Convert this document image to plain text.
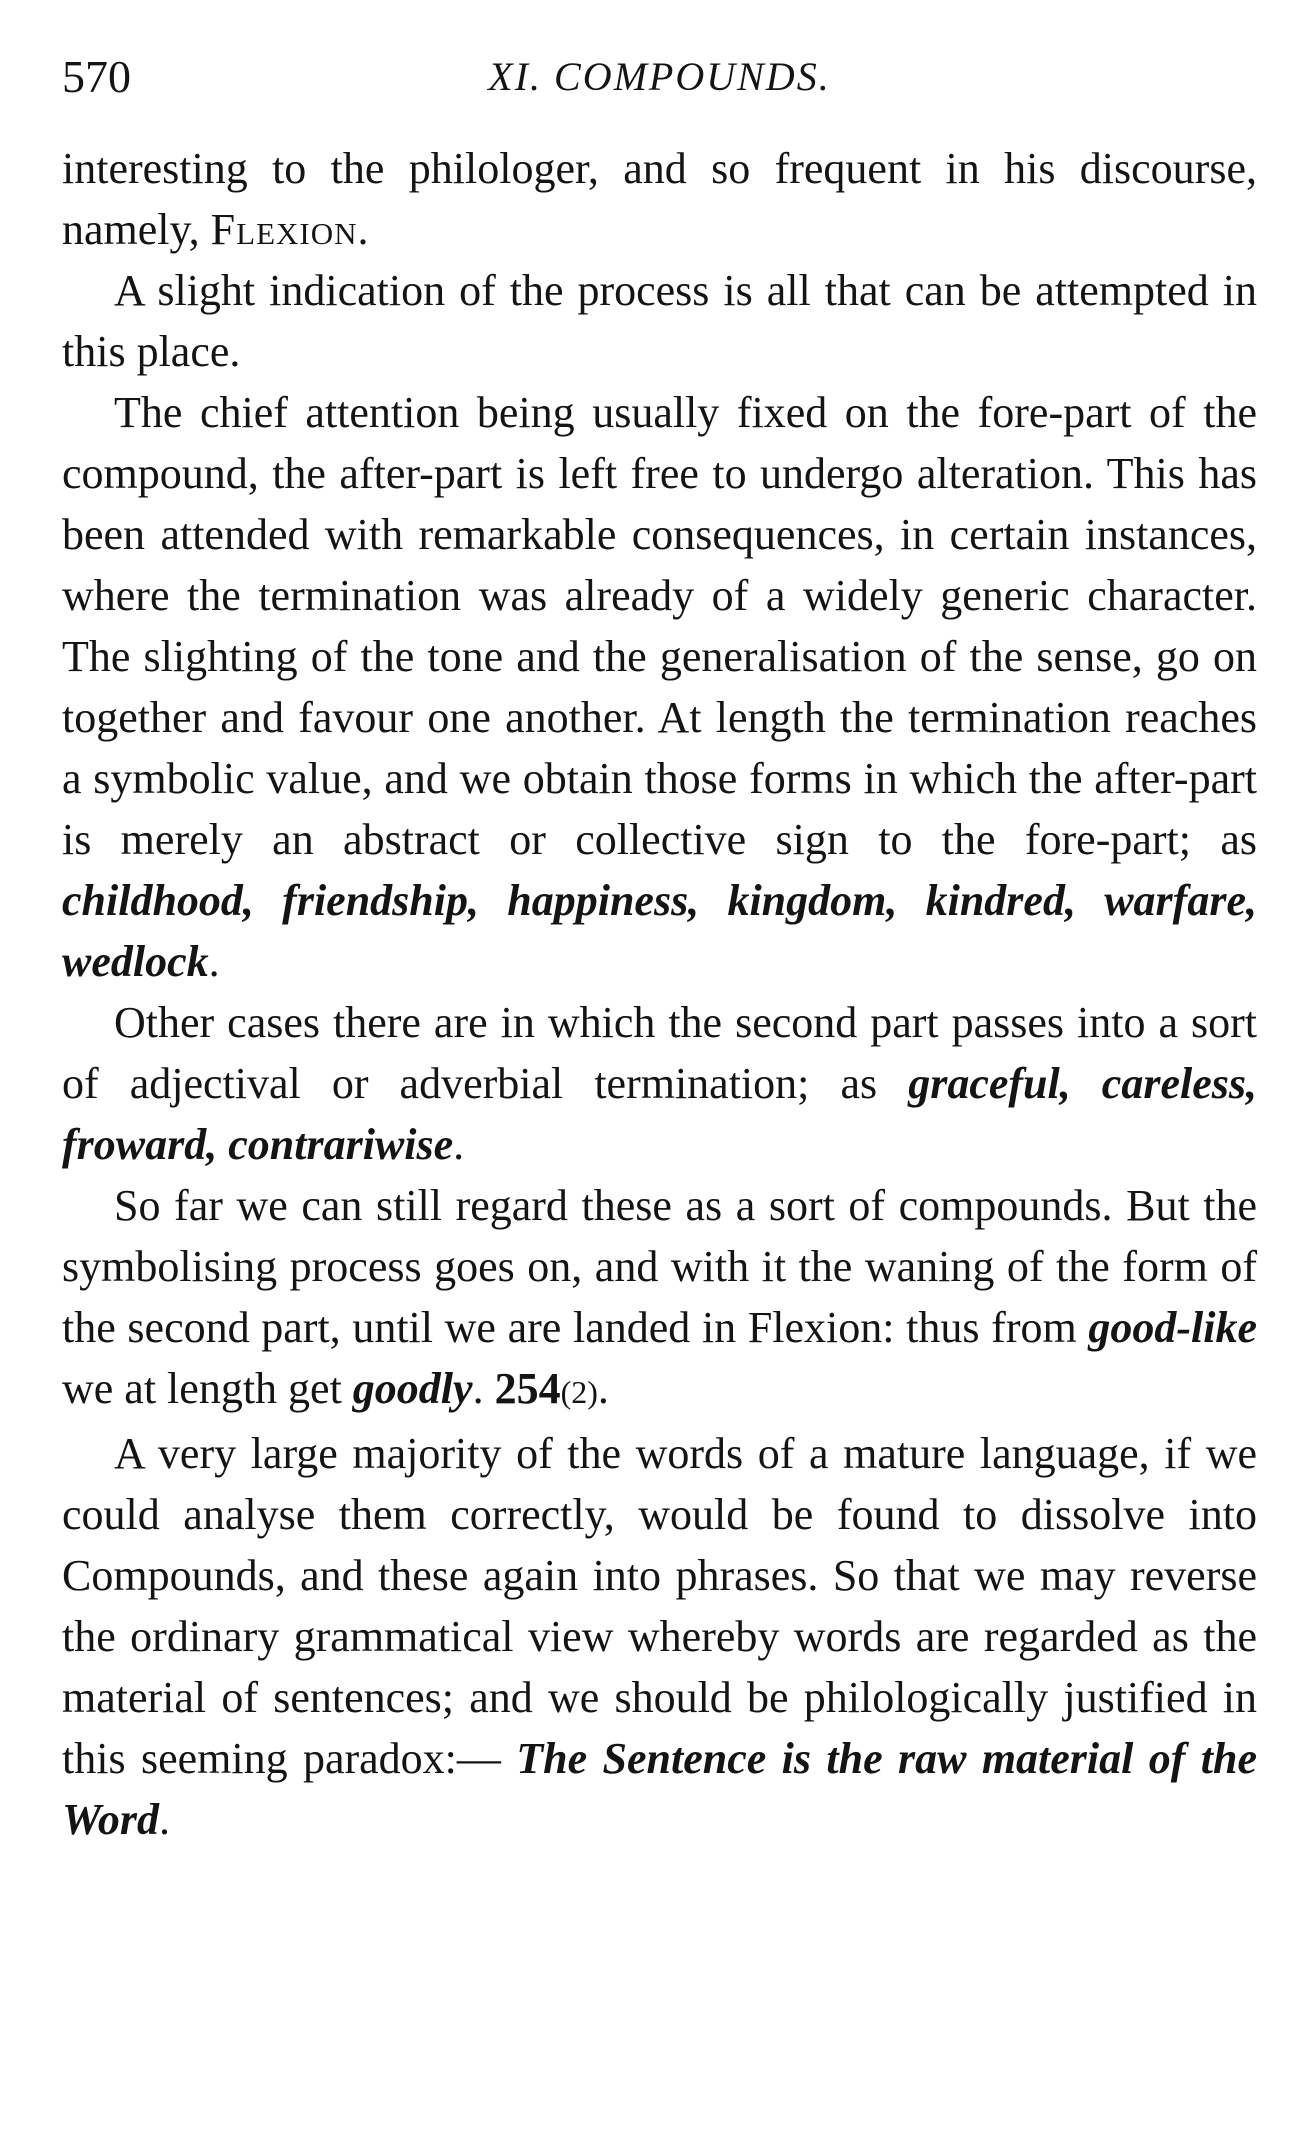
570	XI. COMPOUNDS.

interesting to the philologer, and so frequent in his discourse, namely, Flexion.

A slight indication of the process is all that can be attempted in this place.

The chief attention being usually fixed on the fore-part of the compound, the after-part is left free to undergo alteration. This has been attended with remarkable consequences, in certain instances, where the termination was already of a widely generic character. The slighting of the tone and the generalisation of the sense, go on together and favour one another. At length the termination reaches a symbolic value, and we obtain those forms in which the after-part is merely an abstract or collective sign to the fore-part; as childhood, friendship, happiness, kingdom, kindred, warfare, wedlock.

Other cases there are in which the second part passes into a sort of adjectival or adverbial termination; as graceful, careless, froward, contrariwise.

So far we can still regard these as a sort of compounds. But the symbolising process goes on, and with it the waning of the form of the second part, until we are landed in Flexion: thus from good-like we at length get goodly. 254(2).

A very large majority of the words of a mature language, if we could analyse them correctly, would be found to dissolve into Compounds, and these again into phrases. So that we may reverse the ordinary grammatical view whereby words are regarded as the material of sentences; and we should be philologically justified in this seeming paradox:— The Sentence is the raw material of the Word.
